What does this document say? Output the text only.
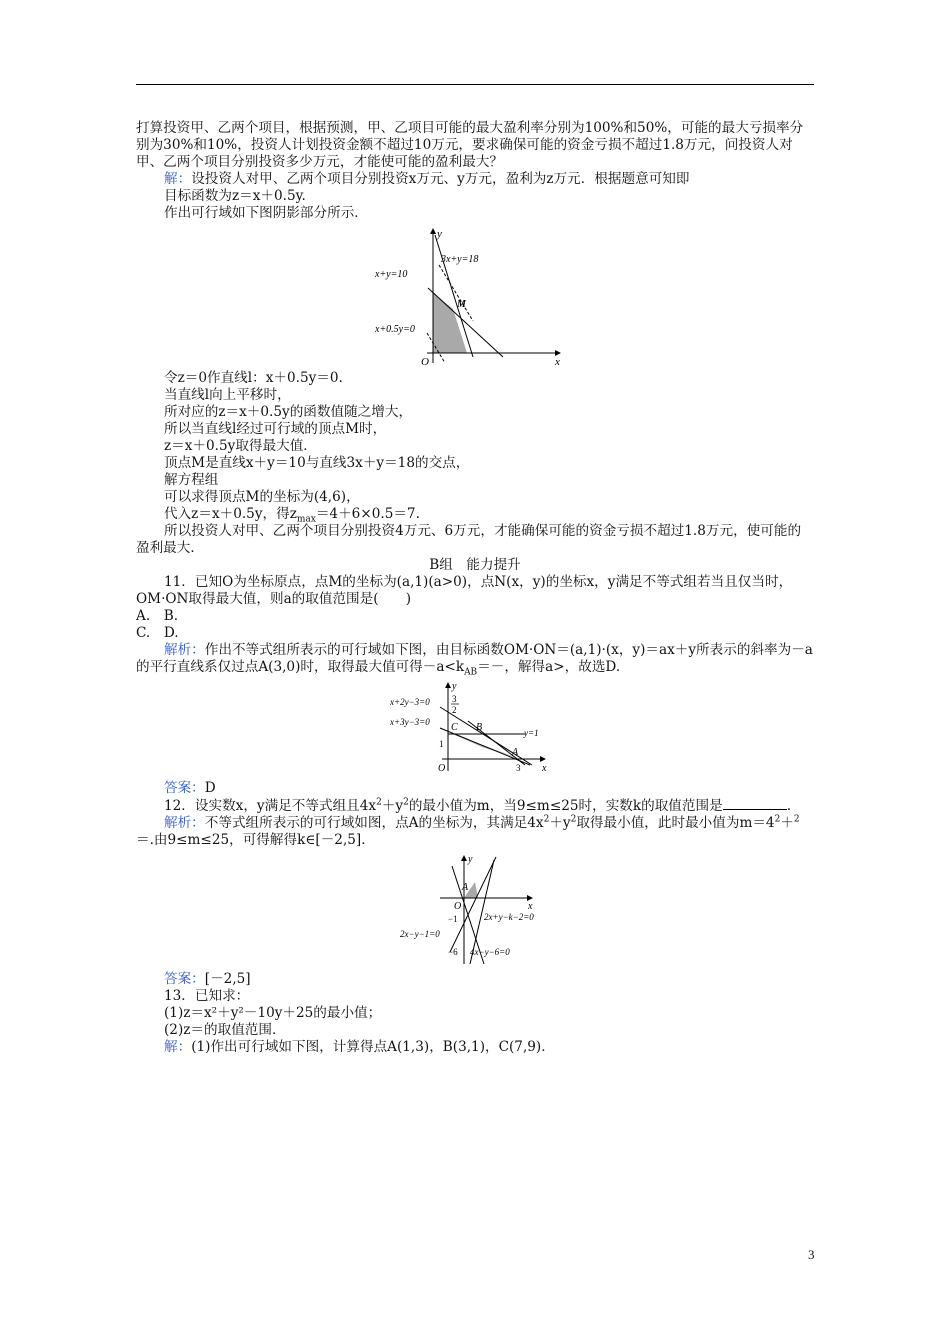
打算投资甲、乙两个项目，根据预测，甲、乙项目可能的最大盈利率分别为100%和50%，可能的最大亏损率分别为30%和10%，投资人计划投资金额不超过10万元，要求确保可能的资金亏损不超过1.8万元，问投资人对甲、乙两个项目分别投资多少万元，才能使可能的盈利最大？

解：设投资人对甲、乙两个项目分别投资x万元、y万元，盈利为z万元．根据题意可知即

目标函数为z＝x＋0.5y.

作出可行域如下图阴影部分所示．

y
x
O
M
x+y=10
3x+y=18
x+0.5y=0

令z＝0作直线l：x＋0.5y＝0.

当直线l向上平移时，

所对应的z＝x＋0.5y的函数值随之增大，

所以当直线l经过可行域的顶点M时，

z＝x＋0.5y取得最大值．

顶点M是直线x＋y＝10与直线3x＋y＝18的交点，

解方程组

可以求得顶点M的坐标为(4,6)，

代入z＝x＋0.5y，得$z_{max}=4+6\times 0.5=7$.

所以投资人对甲、乙两个项目分别投资4万元、6万元，才能确保可能的资金亏损不超过1.8万元，使可能的盈利最大．

B组　能力提升

11．已知O为坐标原点，点M的坐标为(a,1)(a>0)，点N(x，y)的坐标x，y满足不等式组若当且仅当时，OM·ON取得最大值，则a的取值范围是(　　)

A.　B.

C.　D.

解析：作出不等式组所表示的可行域如下图，由目标函数OM·ON＝(a,1)·(x，y)＝ax＋y所表示的斜率为－a的平行直线系仅过点A(3,0)时，取得最大值可得$-a<k_{AB}=-$，解得a>，故选D.

y
x
O
A
B
C
x+2y−3=0
x+3y−3=0
y=1
3
2
1
3

答案：D

12．设实数x，y满足不等式组且$4x^2+y^2$的最小值为m，当9≤m≤25时，实数k的取值范围是	.

解析：不等式组所表示的可行域如图，点A的坐标为，其满足$4x^2+y^2$取得最小值，此时最小值为$m=4^2+^2=$.由9≤m≤25，可得解得k∈[－2,5]．

y
x
O
A
2x+y−k−2=0
2x−y−1=0
4x−y−6=0
−1
−6

答案：[－2,5]

13．已知求：

(1)z＝x²＋y²－10y＋25的最小值；

(2)z＝的取值范围．

解：(1)作出可行域如下图，计算得点A(1,3)，B(3,1)，C(7,9)．

3
